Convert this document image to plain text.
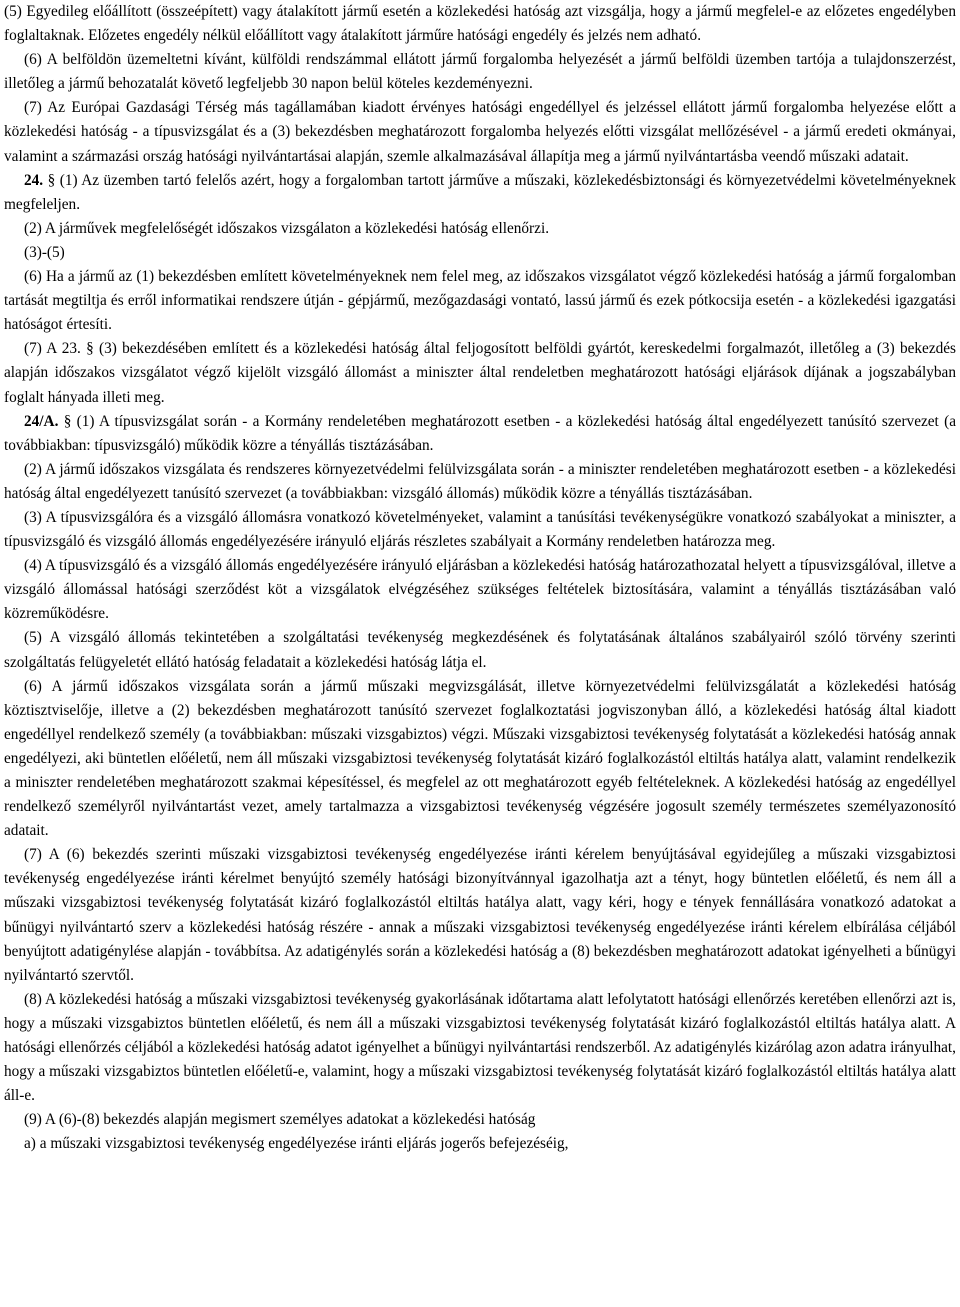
(5) Egyedileg előállított (összeépített) vagy átalakított jármű esetén a közlekedési hatóság azt vizsgálja, hogy a jármű megfelel-e az előzetes engedélyben foglaltaknak. Előzetes engedély nélkül előállított vagy átalakított járműre hatósági engedély és jelzés nem adható.

(6) A belföldön üzemeltetni kívánt, külföldi rendszámmal ellátott jármű forgalomba helyezését a jármű belföldi üzemben tartója a tulajdonszerzést, illetőleg a jármű behozatalát követő legfeljebb 30 napon belül köteles kezdeményezni.

(7) Az Európai Gazdasági Térség más tagállamában kiadott érvényes hatósági engedéllyel és jelzéssel ellátott jármű forgalomba helyezése előtt a közlekedési hatóság - a típusvizsgálat és a (3) bekezdésben meghatározott forgalomba helyezés előtti vizsgálat mellőzésével - a jármű eredeti okmányai, valamint a származási ország hatósági nyilvántartásai alapján, szemle alkalmazásával állapítja meg a jármű nyilvántartásba veendő műszaki adatait.

24. § (1) Az üzemben tartó felelős azért, hogy a forgalomban tartott járműve a műszaki, közlekedésbiztonsági és környezetvédelmi követelményeknek megfeleljen.

(2) A járművek megfelelőségét időszakos vizsgálaton a közlekedési hatóság ellenőrzi.

(3)-(5)

(6) Ha a jármű az (1) bekezdésben említett követelményeknek nem felel meg, az időszakos vizsgálatot végző közlekedési hatóság a jármű forgalomban tartását megtiltja és erről informatikai rendszere útján - gépjármű, mezőgazdasági vontató, lassú jármű és ezek pótkocsija esetén - a közlekedési igazgatási hatóságot értesíti.

(7) A 23. § (3) bekezdésében említett és a közlekedési hatóság által feljogosított belföldi gyártót, kereskedelmi forgalmazót, illetőleg a (3) bekezdés alapján időszakos vizsgálatot végző kijelölt vizsgáló állomást a miniszter által rendeletben meghatározott hatósági eljárások díjának a jogszabályban foglalt hányada illeti meg.

24/A. § (1) A típusvizsgálat során - a Kormány rendeletében meghatározott esetben - a közlekedési hatóság által engedélyezett tanúsító szervezet (a továbbiakban: típusvizsgáló) működik közre a tényállás tisztázásában.

(2) A jármű időszakos vizsgálata és rendszeres környezetvédelmi felülvizsgálata során - a miniszter rendeletében meghatározott esetben - a közlekedési hatóság által engedélyezett tanúsító szervezet (a továbbiakban: vizsgáló állomás) működik közre a tényállás tisztázásában.

(3) A típusvizsgálóra és a vizsgáló állomásra vonatkozó követelményeket, valamint a tanúsítási tevékenységükre vonatkozó szabályokat a miniszter, a típusvizsgáló és vizsgáló állomás engedélyezésére irányuló eljárás részletes szabályait a Kormány rendeletben határozza meg.

(4) A típusvizsgáló és a vizsgáló állomás engedélyezésére irányuló eljárásban a közlekedési hatóság határozathozatal helyett a típusvizsgálóval, illetve a vizsgáló állomással hatósági szerződést köt a vizsgálatok elvégzéséhez szükséges feltételek biztosítására, valamint a tényállás tisztázásában való közreműködésre.

(5) A vizsgáló állomás tekintetében a szolgáltatási tevékenység megkezdésének és folytatásának általános szabályairól szóló törvény szerinti szolgáltatás felügyeletét ellátó hatóság feladatait a közlekedési hatóság látja el.

(6) A jármű időszakos vizsgálata során a jármű műszaki megvizsgálását, illetve környezetvédelmi felülvizsgálatát a közlekedési hatóság köztisztviselője, illetve a (2) bekezdésben meghatározott tanúsító szervezet foglalkoztatási jogviszonyban álló, a közlekedési hatóság által kiadott engedéllyel rendelkező személy (a továbbiakban: műszaki vizsgabiztos) végzi. Műszaki vizsgabiztosi tevékenység folytatását a közlekedési hatóság annak engedélyezi, aki büntetlen előéletű, nem áll műszaki vizsgabiztosi tevékenység folytatását kizáró foglalkozástól eltiltás hatálya alatt, valamint rendelkezik a miniszter rendeletében meghatározott szakmai képesítéssel, és megfelel az ott meghatározott egyéb feltételeknek. A közlekedési hatóság az engedéllyel rendelkező személyről nyilvántartást vezet, amely tartalmazza a vizsgabiztosi tevékenység végzésére jogosult személy természetes személyazonosító adatait.

(7) A (6) bekezdés szerinti műszaki vizsgabiztosi tevékenység engedélyezése iránti kérelem benyújtásával egyidejűleg a műszaki vizsgabiztosi tevékenység engedélyezése iránti kérelmet benyújtó személy hatósági bizonyítvánnyal igazolhatja azt a tényt, hogy büntetlen előéletű, és nem áll a műszaki vizsgabiztosi tevékenység folytatását kizáró foglalkozástól eltiltás hatálya alatt, vagy kéri, hogy e tények fennállására vonatkozó adatokat a bűnügyi nyilvántartó szerv a közlekedési hatóság részére - annak a műszaki vizsgabiztosi tevékenység engedélyezése iránti kérelem elbírálása céljából benyújtott adatigénylése alapján - továbbítsa. Az adatigénylés során a közlekedési hatóság a (8) bekezdésben meghatározott adatokat igényelheti a bűnügyi nyilvántartó szervtől.

(8) A közlekedési hatóság a műszaki vizsgabiztosi tevékenység gyakorlásának időtartama alatt lefolytatott hatósági ellenőrzés keretében ellenőrzi azt is, hogy a műszaki vizsgabiztos büntetlen előéletű, és nem áll a műszaki vizsgabiztosi tevékenység folytatását kizáró foglalkozástól eltiltás hatálya alatt. A hatósági ellenőrzés céljából a közlekedési hatóság adatot igényelhet a bűnügyi nyilvántartási rendszerből. Az adatigénylés kizárólag azon adatra irányulhat, hogy a műszaki vizsgabiztos büntetlen előéletű-e, valamint, hogy a műszaki vizsgabiztosi tevékenység folytatását kizáró foglalkozástól eltiltás hatálya alatt áll-e.

(9) A (6)-(8) bekezdés alapján megismert személyes adatokat a közlekedési hatóság

a) a műszaki vizsgabiztosi tevékenység engedélyezése iránti eljárás jogerős befejezéséig,
